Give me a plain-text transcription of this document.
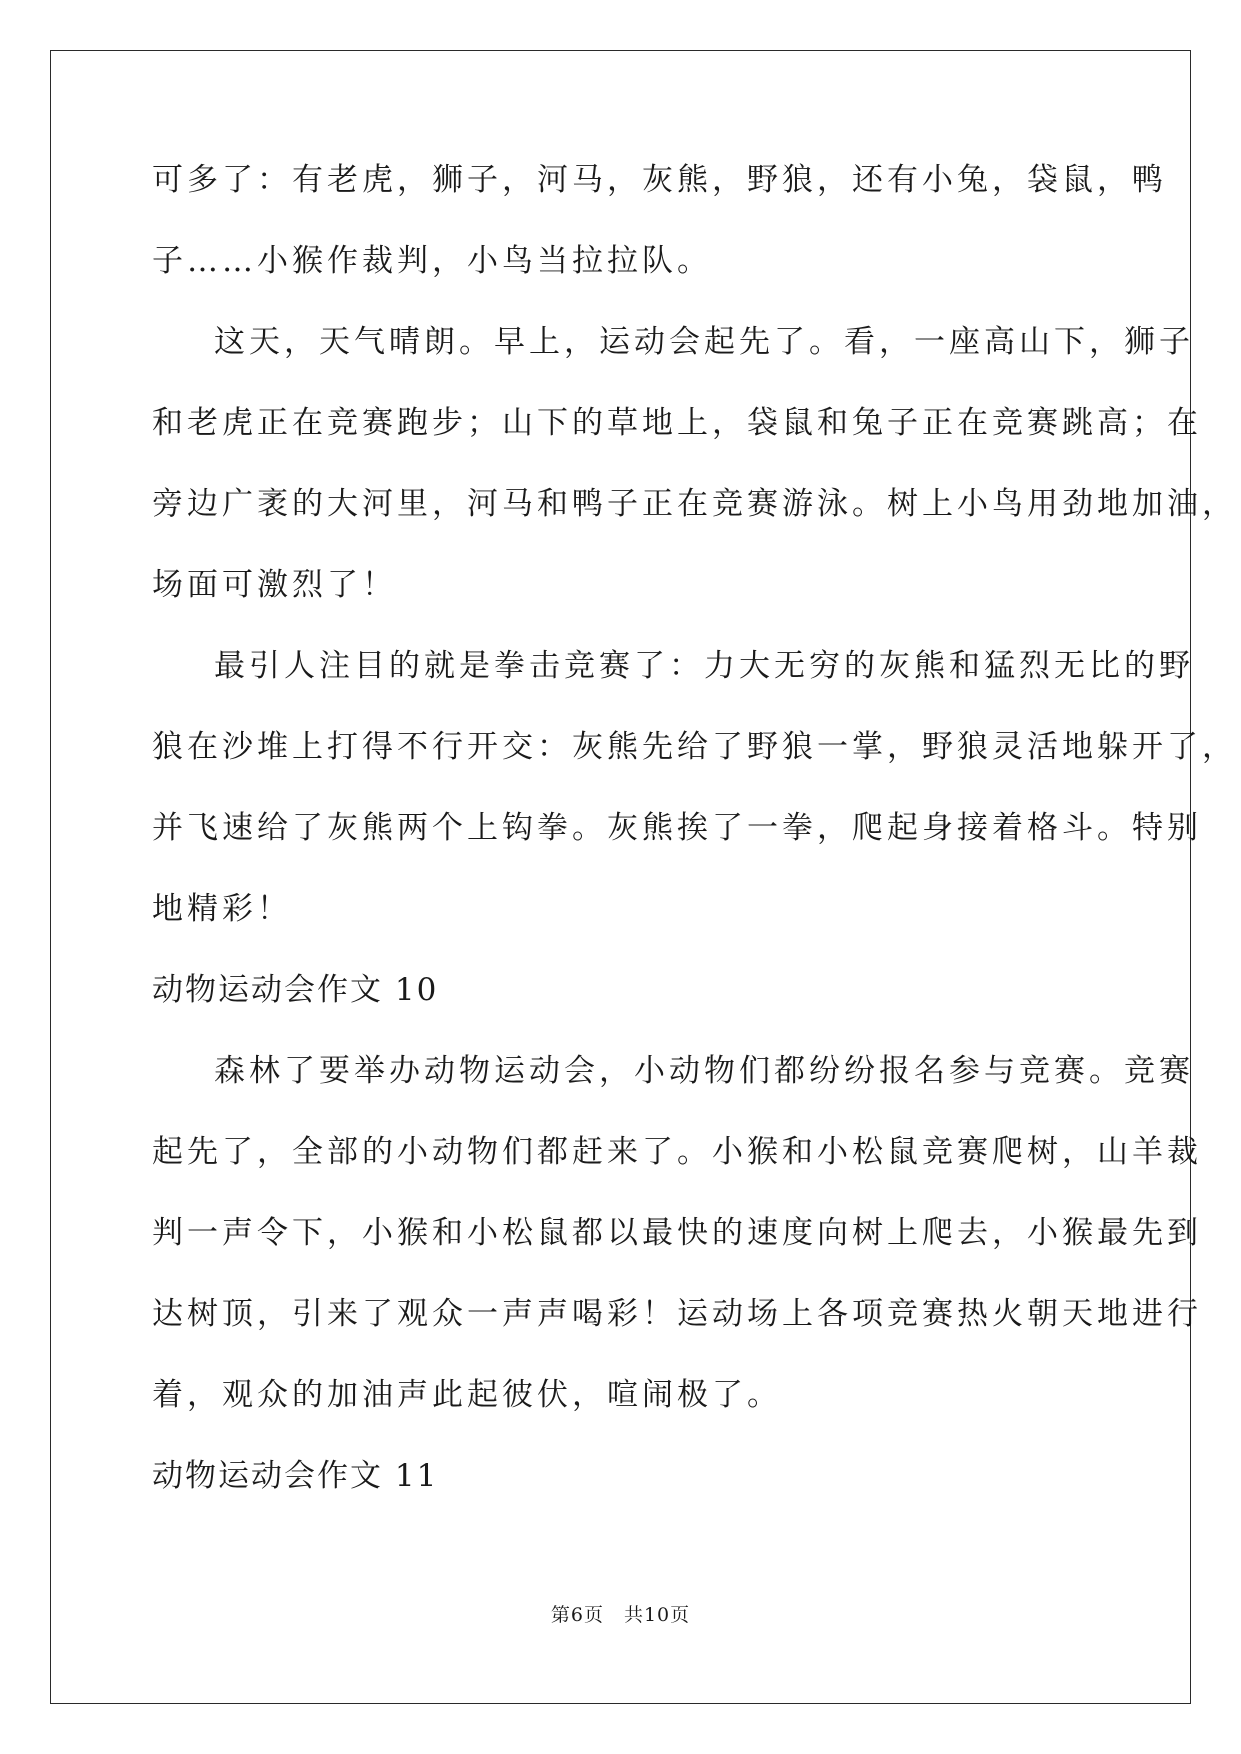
可多了：有老虎，狮子，河马，灰熊，野狼，还有小兔，袋鼠，鸭
子……小猴作裁判，小鸟当拉拉队。
这天，天气晴朗。早上，运动会起先了。看，一座高山下，狮子
和老虎正在竞赛跑步；山下的草地上，袋鼠和兔子正在竞赛跳高；在
旁边广袤的大河里，河马和鸭子正在竞赛游泳。树上小鸟用劲地加油，
场面可激烈了！
最引人注目的就是拳击竞赛了：力大无穷的灰熊和猛烈无比的野
狼在沙堆上打得不行开交：灰熊先给了野狼一掌，野狼灵活地躲开了，
并飞速给了灰熊两个上钩拳。灰熊挨了一拳，爬起身接着格斗。特别
地精彩！
动物运动会作文 10
森林了要举办动物运动会，小动物们都纷纷报名参与竞赛。竞赛
起先了，全部的小动物们都赶来了。小猴和小松鼠竞赛爬树，山羊裁
判一声令下，小猴和小松鼠都以最快的速度向树上爬去，小猴最先到
达树顶，引来了观众一声声喝彩！运动场上各项竞赛热火朝天地进行
着，观众的加油声此起彼伏，喧闹极了。
动物运动会作文 11
第6页　共10页
